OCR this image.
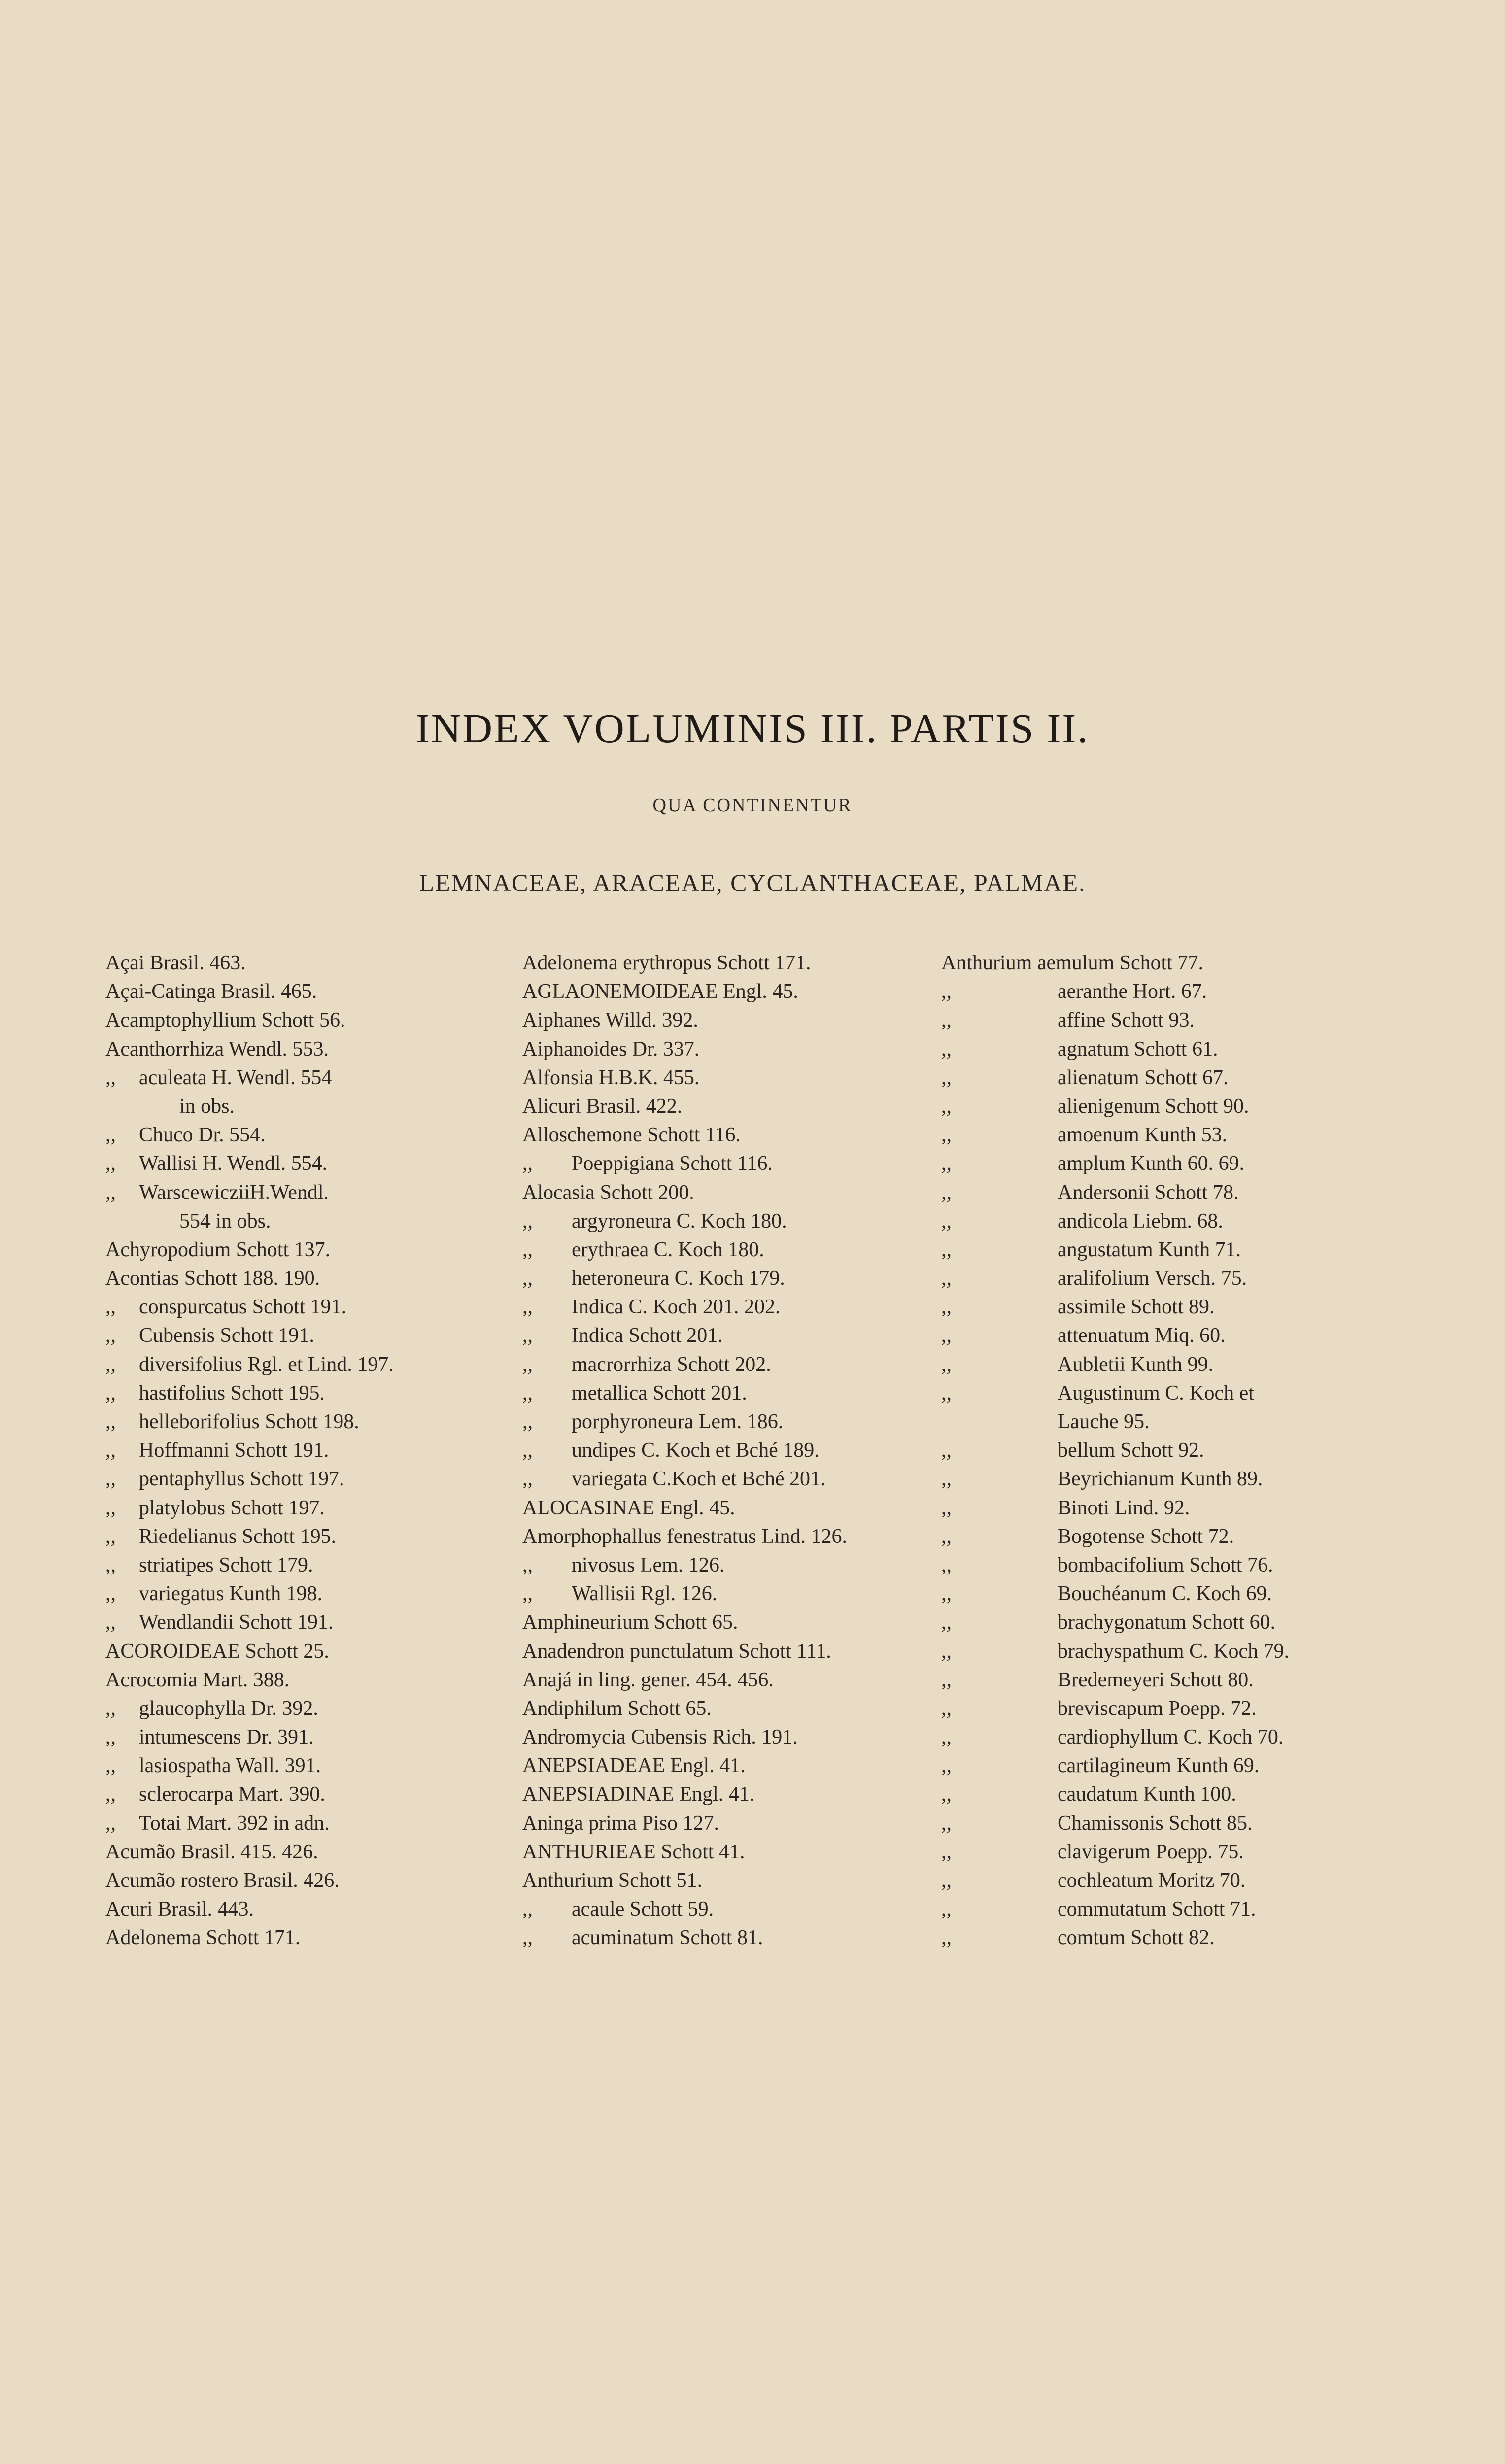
INDEX VOLUMINIS III. PARTIS II.
QUA CONTINENTUR
LEMNACEAE, ARACEAE, CYCLANTHACEAE, PALMAE.
Açai Brasil. 463.
Açai-Catinga Brasil. 465.
Acamptophyllium Schott 56.
Acanthorrhiza Wendl. 553.
,, aculeata H. Wendl. 554
in obs.
,, Chuco Dr. 554.
,, Wallisi H. Wendl. 554.
,, WarscewicziiH.Wendl.
554 in obs.
Achyropodium Schott 137.
Acontias Schott 188. 190.
,, conspurcatus Schott 191.
,, Cubensis Schott 191.
,, diversifolius Rgl. et Lind. 197.
,, hastifolius Schott 195.
,, helleborifolius Schott 198.
,, Hoffmanni Schott 191.
,, pentaphyllus Schott 197.
,, platylobus Schott 197.
,, Riedelianus Schott 195.
,, striatipes Schott 179.
,, variegatus Kunth 198.
,, Wendlandii Schott 191.
ACOROIDEAE Schott 25.
Acrocomia Mart. 388.
,, glaucophylla Dr. 392.
,, intumescens Dr. 391.
,, lasiospatha Wall. 391.
,, sclerocarpa Mart. 390.
,, Totai Mart. 392 in adn.
Acumão Brasil. 415. 426.
Acumão rostero Brasil. 426.
Acuri Brasil. 443.
Adelonema Schott 171.
Adelonema erythropus Schott 171.
AGLAONEMOIDEAE Engl. 45.
Aiphanes Willd. 392.
Aiphanoides Dr. 337.
Alfonsia H.B.K. 455.
Alicuri Brasil. 422.
Alloschemone Schott 116.
,, Poeppigiana Schott 116.
Alocasia Schott 200.
,, argyroneura C. Koch 180.
,, erythraea C. Koch 180.
,, heteroneura C. Koch 179.
,, Indica C. Koch 201. 202.
,, Indica Schott 201.
,, macrorrhiza Schott 202.
,, metallica Schott 201.
,, porphyroneura Lem. 186.
,, undipes C. Koch et Bché 189.
,, variegata C.Koch et Bché 201.
ALOCASINAE Engl. 45.
Amorphophallus fenestratus Lind. 126.
,, nivosus Lem. 126.
,, Wallisii Rgl. 126.
Amphineurium Schott 65.
Anadendron punctulatum Schott 111.
Anajá in ling. gener. 454. 456.
Andiphilum Schott 65.
Andromycia Cubensis Rich. 191.
ANEPSIADEAE Engl. 41.
ANEPSIADINAE Engl. 41.
Aninga prima Piso 127.
ANTHURIEAE Schott 41.
Anthurium Schott 51.
,, acaule Schott 59.
,, acuminatum Schott 81.
Anthurium aemulum Schott 77.
,,	aeranthe Hort. 67.
,,	affine Schott 93.
,,	agnatum Schott 61.
,,	alienatum Schott 67.
,,	alienigenum Schott 90.
,,	amoenum Kunth 53.
,,	amplum Kunth 60. 69.
,,	Andersonii Schott 78.
,,	andicola Liebm. 68.
,,	angustatum Kunth 71.
,,	aralifolium Versch. 75.
,,	assimile Schott 89.
,,	attenuatum Miq. 60.
,,	Aubletii Kunth 99.
,,	Augustinum C. Koch et
Lauche 95.
,,	bellum Schott 92.
,,	Beyrichianum Kunth 89.
,,	Binoti Lind. 92.
,,	Bogotense Schott 72.
,,	bombacifolium Schott 76.
,,	Bouchéanum C. Koch 69.
,,	brachygonatum Schott 60.
,,	brachyspathum C. Koch 79.
,,	Bredemeyeri Schott 80.
,,	breviscapum Poepp. 72.
,,	cardiophyllum C. Koch 70.
,,	cartilagineum Kunth 69.
,,	caudatum Kunth 100.
,,	Chamissonis Schott 85.
,,	clavigerum Poepp. 75.
,,	cochleatum Moritz 70.
,,	commutatum Schott 71.
,,	comtum Schott 82.
